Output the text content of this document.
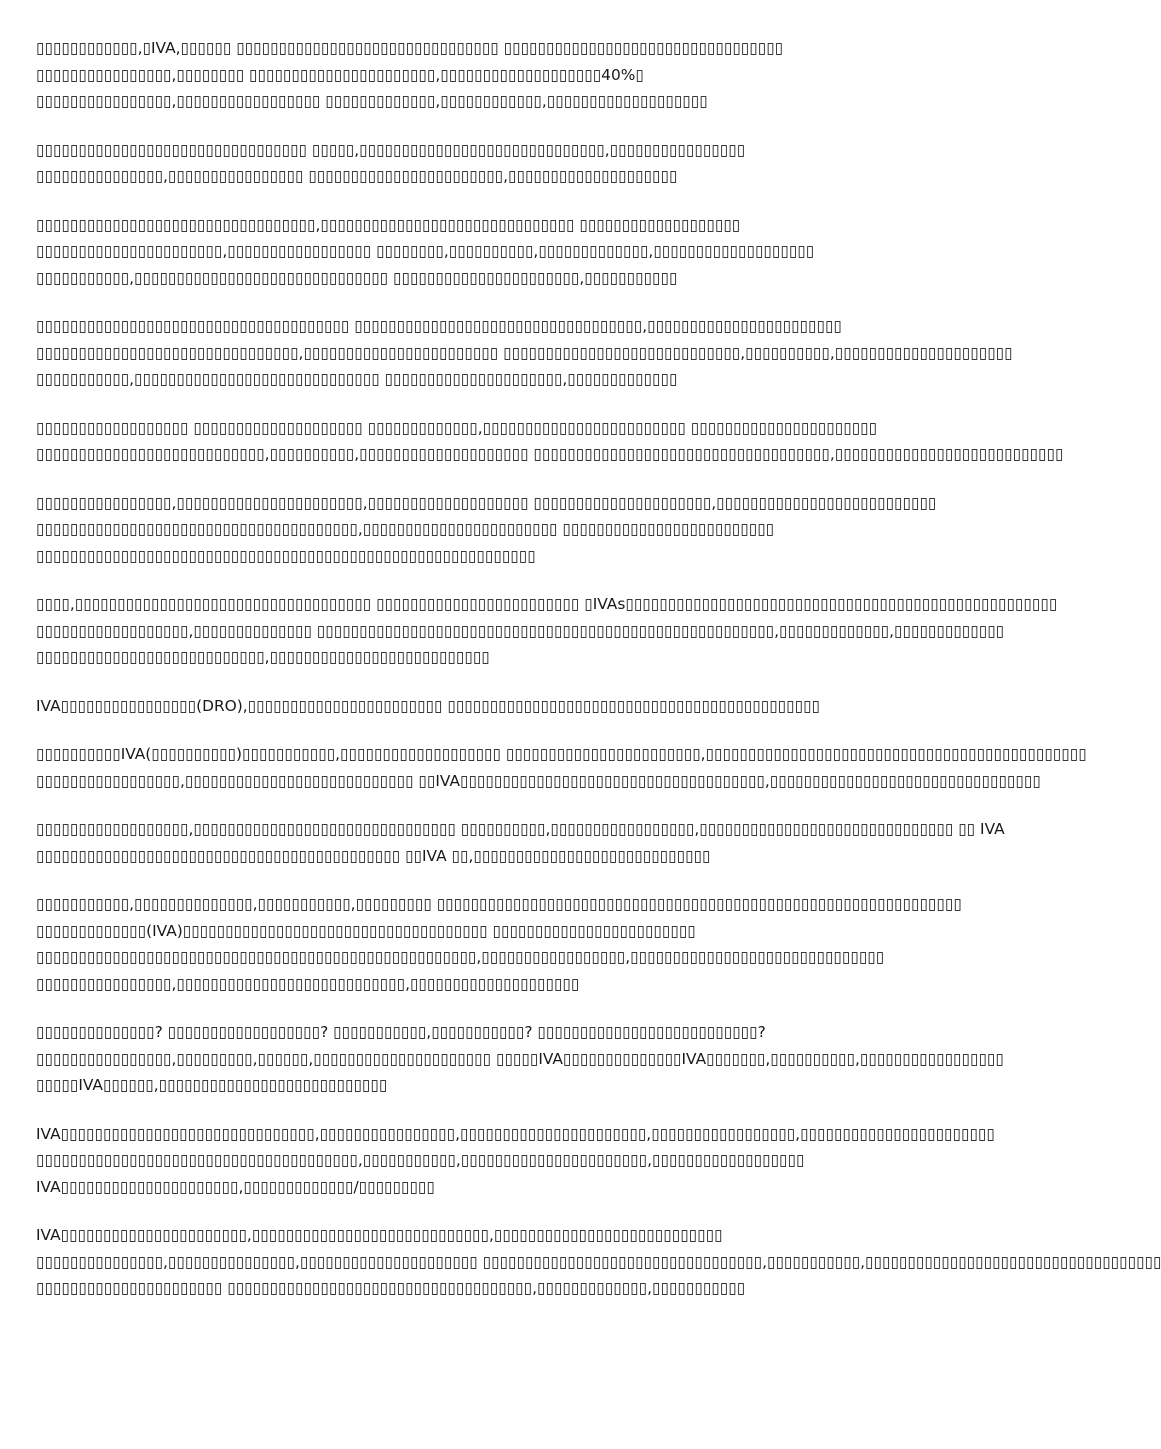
▯▯▯▯▯▯▯▯▯▯▯▯,▯IVA,▯▯▯▯▯▯ ▯▯▯▯▯▯▯▯▯▯▯▯▯▯▯▯▯▯▯▯▯▯▯▯▯▯▯▯▯▯▯ ▯▯▯▯▯▯▯▯▯▯▯▯▯▯▯▯▯▯▯▯▯▯▯▯▯▯▯▯▯▯▯▯▯
▯▯▯▯▯▯▯▯▯▯▯▯▯▯▯▯,▯▯▯▯▯▯▯▯ ▯▯▯▯▯▯▯▯▯▯▯▯▯▯▯▯▯▯▯▯▯▯,▯▯▯▯▯▯▯▯▯▯▯▯▯▯▯▯▯▯▯40%▯
▯▯▯▯▯▯▯▯▯▯▯▯▯▯▯▯,▯▯▯▯▯▯▯▯▯▯▯▯▯▯▯▯▯ ▯▯▯▯▯▯▯▯▯▯▯▯▯,▯▯▯▯▯▯▯▯▯▯▯▯,▯▯▯▯▯▯▯▯▯▯▯▯▯▯▯▯▯▯▯
▯▯▯▯▯▯▯▯▯▯▯▯▯▯▯▯▯▯▯▯▯▯▯▯▯▯▯▯▯▯▯▯ ▯▯▯▯▯,▯▯▯▯▯▯▯▯▯▯▯▯▯▯▯▯▯▯▯▯▯▯▯▯▯▯▯▯▯,▯▯▯▯▯▯▯▯▯▯▯▯▯▯▯▯
▯▯▯▯▯▯▯▯▯▯▯▯▯▯▯,▯▯▯▯▯▯▯▯▯▯▯▯▯▯▯▯ ▯▯▯▯▯▯▯▯▯▯▯▯▯▯▯▯▯▯▯▯▯▯▯,▯▯▯▯▯▯▯▯▯▯▯▯▯▯▯▯▯▯▯▯
▯▯▯▯▯▯▯▯▯▯▯▯▯▯▯▯▯▯▯▯▯▯▯▯▯▯▯▯▯▯▯▯▯,▯▯▯▯▯▯▯▯▯▯▯▯▯▯▯▯▯▯▯▯▯▯▯▯▯▯▯▯▯▯ ▯▯▯▯▯▯▯▯▯▯▯▯▯▯▯▯▯▯▯
▯▯▯▯▯▯▯▯▯▯▯▯▯▯▯▯▯▯▯▯▯▯,▯▯▯▯▯▯▯▯▯▯▯▯▯▯▯▯▯ ▯▯▯▯▯▯▯▯,▯▯▯▯▯▯▯▯▯▯,▯▯▯▯▯▯▯▯▯▯▯▯▯,▯▯▯▯▯▯▯▯▯▯▯▯▯▯▯▯▯▯▯
▯▯▯▯▯▯▯▯▯▯▯,▯▯▯▯▯▯▯▯▯▯▯▯▯▯▯▯▯▯▯▯▯▯▯▯▯▯▯▯▯▯ ▯▯▯▯▯▯▯▯▯▯▯▯▯▯▯▯▯▯▯▯▯▯,▯▯▯▯▯▯▯▯▯▯▯
▯▯▯▯▯▯▯▯▯▯▯▯▯▯▯▯▯▯▯▯▯▯▯▯▯▯▯▯▯▯▯▯▯▯▯▯▯ ▯▯▯▯▯▯▯▯▯▯▯▯▯▯▯▯▯▯▯▯▯▯▯▯▯▯▯▯▯▯▯▯▯▯,▯▯▯▯▯▯▯▯▯▯▯▯▯▯▯▯▯▯▯▯▯▯▯
▯▯▯▯▯▯▯▯▯▯▯▯▯▯▯▯▯▯▯▯▯▯▯▯▯▯▯▯▯▯▯,▯▯▯▯▯▯▯▯▯▯▯▯▯▯▯▯▯▯▯▯▯▯▯ ▯▯▯▯▯▯▯▯▯▯▯▯▯▯▯▯▯▯▯▯▯▯▯▯▯▯▯▯,▯▯▯▯▯▯▯▯▯▯,▯▯▯▯▯▯▯▯▯▯▯▯▯▯▯▯▯▯▯▯▯
▯▯▯▯▯▯▯▯▯▯▯,▯▯▯▯▯▯▯▯▯▯▯▯▯▯▯▯▯▯▯▯▯▯▯▯▯▯▯▯▯ ▯▯▯▯▯▯▯▯▯▯▯▯▯▯▯▯▯▯▯▯▯,▯▯▯▯▯▯▯▯▯▯▯▯▯
▯▯▯▯▯▯▯▯▯▯▯▯▯▯▯▯▯▯ ▯▯▯▯▯▯▯▯▯▯▯▯▯▯▯▯▯▯▯▯ ▯▯▯▯▯▯▯▯▯▯▯▯▯,▯▯▯▯▯▯▯▯▯▯▯▯▯▯▯▯▯▯▯▯▯▯▯▯ ▯▯▯▯▯▯▯▯▯▯▯▯▯▯▯▯▯▯▯▯▯▯
▯▯▯▯▯▯▯▯▯▯▯▯▯▯▯▯▯▯▯▯▯▯▯▯▯▯▯,▯▯▯▯▯▯▯▯▯▯,▯▯▯▯▯▯▯▯▯▯▯▯▯▯▯▯▯▯▯▯ ▯▯▯▯▯▯▯▯▯▯▯▯▯▯▯▯▯▯▯▯▯▯▯▯▯▯▯▯▯▯▯▯▯▯▯,▯▯▯▯▯▯▯▯▯▯▯▯▯▯▯▯▯▯▯▯▯▯▯▯▯▯▯
▯▯▯▯▯▯▯▯▯▯▯▯▯▯▯▯,▯▯▯▯▯▯▯▯▯▯▯▯▯▯▯▯▯▯▯▯▯▯,▯▯▯▯▯▯▯▯▯▯▯▯▯▯▯▯▯▯▯ ▯▯▯▯▯▯▯▯▯▯▯▯▯▯▯▯▯▯▯▯▯,▯▯▯▯▯▯▯▯▯▯▯▯▯▯▯▯▯▯▯▯▯▯▯▯▯▯
▯▯▯▯▯▯▯▯▯▯▯▯▯▯▯▯▯▯▯▯▯▯▯▯▯▯▯▯▯▯▯▯▯▯▯▯▯▯,▯▯▯▯▯▯▯▯▯▯▯▯▯▯▯▯▯▯▯▯▯▯▯ ▯▯▯▯▯▯▯▯▯▯▯▯▯▯▯▯▯▯▯▯▯▯▯▯▯
▯▯▯▯▯▯▯▯▯▯▯▯▯▯▯▯▯▯▯▯▯▯▯▯▯▯▯▯▯▯▯▯▯▯▯▯▯▯▯▯▯▯▯▯▯▯▯▯▯▯▯▯▯▯▯▯▯▯▯
▯▯▯▯,▯▯▯▯▯▯▯▯▯▯▯▯▯▯▯▯▯▯▯▯▯▯▯▯▯▯▯▯▯▯▯▯▯▯▯ ▯▯▯▯▯▯▯▯▯▯▯▯▯▯▯▯▯▯▯▯▯▯▯▯ ▯IVAs▯▯▯▯▯▯▯▯▯▯▯▯▯▯▯▯▯▯▯▯▯▯▯▯▯▯▯▯▯▯▯▯▯▯▯▯▯▯▯▯▯▯▯▯▯▯▯▯▯▯▯
▯▯▯▯▯▯▯▯▯▯▯▯▯▯▯▯▯▯,▯▯▯▯▯▯▯▯▯▯▯▯▯▯ ▯▯▯▯▯▯▯▯▯▯▯▯▯▯▯▯▯▯▯▯▯▯▯▯▯▯▯▯▯▯▯▯▯▯▯▯▯▯▯▯▯▯▯▯▯▯▯▯▯▯▯▯▯▯,▯▯▯▯▯▯▯▯▯▯▯▯▯,▯▯▯▯▯▯▯▯▯▯▯▯▯
▯▯▯▯▯▯▯▯▯▯▯▯▯▯▯▯▯▯▯▯▯▯▯▯▯▯▯,▯▯▯▯▯▯▯▯▯▯▯▯▯▯▯▯▯▯▯▯▯▯▯▯▯▯
IVA▯▯▯▯▯▯▯▯▯▯▯▯▯▯▯▯(DRO),▯▯▯▯▯▯▯▯▯▯▯▯▯▯▯▯▯▯▯▯▯▯▯ ▯▯▯▯▯▯▯▯▯▯▯▯▯▯▯▯▯▯▯▯▯▯▯▯▯▯▯▯▯▯▯▯▯▯▯▯▯▯▯▯▯▯▯▯
▯▯▯▯▯▯▯▯▯▯IVA(▯▯▯▯▯▯▯▯▯▯)▯▯▯▯▯▯▯▯▯▯▯,▯▯▯▯▯▯▯▯▯▯▯▯▯▯▯▯▯▯▯ ▯▯▯▯▯▯▯▯▯▯▯▯▯▯▯▯▯▯▯▯▯▯▯,▯▯▯▯▯▯▯▯▯▯▯▯▯▯▯▯▯▯▯▯▯▯▯▯▯▯▯▯▯▯▯▯▯▯▯▯▯▯▯▯▯▯▯▯▯
▯▯▯▯▯▯▯▯▯▯▯▯▯▯▯▯▯,▯▯▯▯▯▯▯▯▯▯▯▯▯▯▯▯▯▯▯▯▯▯▯▯▯▯▯ ▯▯IVA▯▯▯▯▯▯▯▯▯▯▯▯▯▯▯▯▯▯▯▯▯▯▯▯▯▯▯▯▯▯▯▯▯▯▯▯,▯▯▯▯▯▯▯▯▯▯▯▯▯▯▯▯▯▯▯▯▯▯▯▯▯▯▯▯▯▯▯▯
▯▯▯▯▯▯▯▯▯▯▯▯▯▯▯▯▯▯,▯▯▯▯▯▯▯▯▯▯▯▯▯▯▯▯▯▯▯▯▯▯▯▯▯▯▯▯▯▯▯ ▯▯▯▯▯▯▯▯▯▯,▯▯▯▯▯▯▯▯▯▯▯▯▯▯▯▯▯,▯▯▯▯▯▯▯▯▯▯▯▯▯▯▯▯▯▯▯▯▯▯▯▯▯▯▯▯▯▯ ▯▯ IVA
▯▯▯▯▯▯▯▯▯▯▯▯▯▯▯▯▯▯▯▯▯▯▯▯▯▯▯▯▯▯▯▯▯▯▯▯▯▯▯▯▯▯▯ ▯▯IVA ▯▯,▯▯▯▯▯▯▯▯▯▯▯▯▯▯▯▯▯▯▯▯▯▯▯▯▯▯▯▯
▯▯▯▯▯▯▯▯▯▯▯,▯▯▯▯▯▯▯▯▯▯▯▯▯▯,▯▯▯▯▯▯▯▯▯▯▯,▯▯▯▯▯▯▯▯▯ ▯▯▯▯▯▯▯▯▯▯▯▯▯▯▯▯▯▯▯▯▯▯▯▯▯▯▯▯▯▯▯▯▯▯▯▯▯▯▯▯▯▯▯▯▯▯▯▯▯▯▯▯▯▯▯▯▯▯▯▯▯▯
▯▯▯▯▯▯▯▯▯▯▯▯▯(IVA)▯▯▯▯▯▯▯▯▯▯▯▯▯▯▯▯▯▯▯▯▯▯▯▯▯▯▯▯▯▯▯▯▯▯▯▯ ▯▯▯▯▯▯▯▯▯▯▯▯▯▯▯▯▯▯▯▯▯▯▯▯
▯▯▯▯▯▯▯▯▯▯▯▯▯▯▯▯▯▯▯▯▯▯▯▯▯▯▯▯▯▯▯▯▯▯▯▯▯▯▯▯▯▯▯▯▯▯▯▯▯▯▯▯,▯▯▯▯▯▯▯▯▯▯▯▯▯▯▯▯▯,▯▯▯▯▯▯▯▯▯▯▯▯▯▯▯▯▯▯▯▯▯▯▯▯▯▯▯▯▯▯
▯▯▯▯▯▯▯▯▯▯▯▯▯▯▯▯,▯▯▯▯▯▯▯▯▯▯▯▯▯▯▯▯▯▯▯▯▯▯▯▯▯▯▯,▯▯▯▯▯▯▯▯▯▯▯▯▯▯▯▯▯▯▯▯
▯▯▯▯▯▯▯▯▯▯▯▯▯▯? ▯▯▯▯▯▯▯▯▯▯▯▯▯▯▯▯▯▯? ▯▯▯▯▯▯▯▯▯▯▯,▯▯▯▯▯▯▯▯▯▯▯? ▯▯▯▯▯▯▯▯▯▯▯▯▯▯▯▯▯▯▯▯▯▯▯▯▯▯?
▯▯▯▯▯▯▯▯▯▯▯▯▯▯▯▯,▯▯▯▯▯▯▯▯▯,▯▯▯▯▯▯,▯▯▯▯▯▯▯▯▯▯▯▯▯▯▯▯▯▯▯▯▯ ▯▯▯▯▯IVA▯▯▯▯▯▯▯▯▯▯▯▯▯▯IVA▯▯▯▯▯▯▯,▯▯▯▯▯▯▯▯▯▯,▯▯▯▯▯▯▯▯▯▯▯▯▯▯▯▯▯
▯▯▯▯▯IVA▯▯▯▯▯▯,▯▯▯▯▯▯▯▯▯▯▯▯▯▯▯▯▯▯▯▯▯▯▯▯▯▯▯
IVA▯▯▯▯▯▯▯▯▯▯▯▯▯▯▯▯▯▯▯▯▯▯▯▯▯▯▯▯▯▯,▯▯▯▯▯▯▯▯▯▯▯▯▯▯▯▯,▯▯▯▯▯▯▯▯▯▯▯▯▯▯▯▯▯▯▯▯▯▯,▯▯▯▯▯▯▯▯▯▯▯▯▯▯▯▯▯,▯▯▯▯▯▯▯▯▯▯▯▯▯▯▯▯▯▯▯▯▯▯▯
▯▯▯▯▯▯▯▯▯▯▯▯▯▯▯▯▯▯▯▯▯▯▯▯▯▯▯▯▯▯▯▯▯▯▯▯▯▯,▯▯▯▯▯▯▯▯▯▯▯,▯▯▯▯▯▯▯▯▯▯▯▯▯▯▯▯▯▯▯▯▯▯,▯▯▯▯▯▯▯▯▯▯▯▯▯▯▯▯▯▯
IVA▯▯▯▯▯▯▯▯▯▯▯▯▯▯▯▯▯▯▯▯▯,▯▯▯▯▯▯▯▯▯▯▯▯▯/▯▯▯▯▯▯▯▯▯
IVA▯▯▯▯▯▯▯▯▯▯▯▯▯▯▯▯▯▯▯▯▯▯,▯▯▯▯▯▯▯▯▯▯▯▯▯▯▯▯▯▯▯▯▯▯▯▯▯▯▯▯,▯▯▯▯▯▯▯▯▯▯▯▯▯▯▯▯▯▯▯▯▯▯▯▯▯▯▯
▯▯▯▯▯▯▯▯▯▯▯▯▯▯▯,▯▯▯▯▯▯▯▯▯▯▯▯▯▯▯,▯▯▯▯▯▯▯▯▯▯▯▯▯▯▯▯▯▯▯▯▯ ▯▯▯▯▯▯▯▯▯▯▯▯▯▯▯▯▯▯▯▯▯▯▯▯▯▯▯▯▯▯▯▯▯,▯▯▯▯▯▯▯▯▯▯▯,▯▯▯▯▯▯▯▯▯▯▯▯▯▯▯▯▯▯▯▯▯▯▯▯▯▯▯▯▯▯▯▯▯▯▯
▯▯▯▯▯▯▯▯▯▯▯▯▯▯▯▯▯▯▯▯▯▯ ▯▯▯▯▯▯▯▯▯▯▯▯▯▯▯▯▯▯▯▯▯▯▯▯▯▯▯▯▯▯▯▯▯▯▯▯,▯▯▯▯▯▯▯▯▯▯▯▯▯,▯▯▯▯▯▯▯▯▯▯▯
